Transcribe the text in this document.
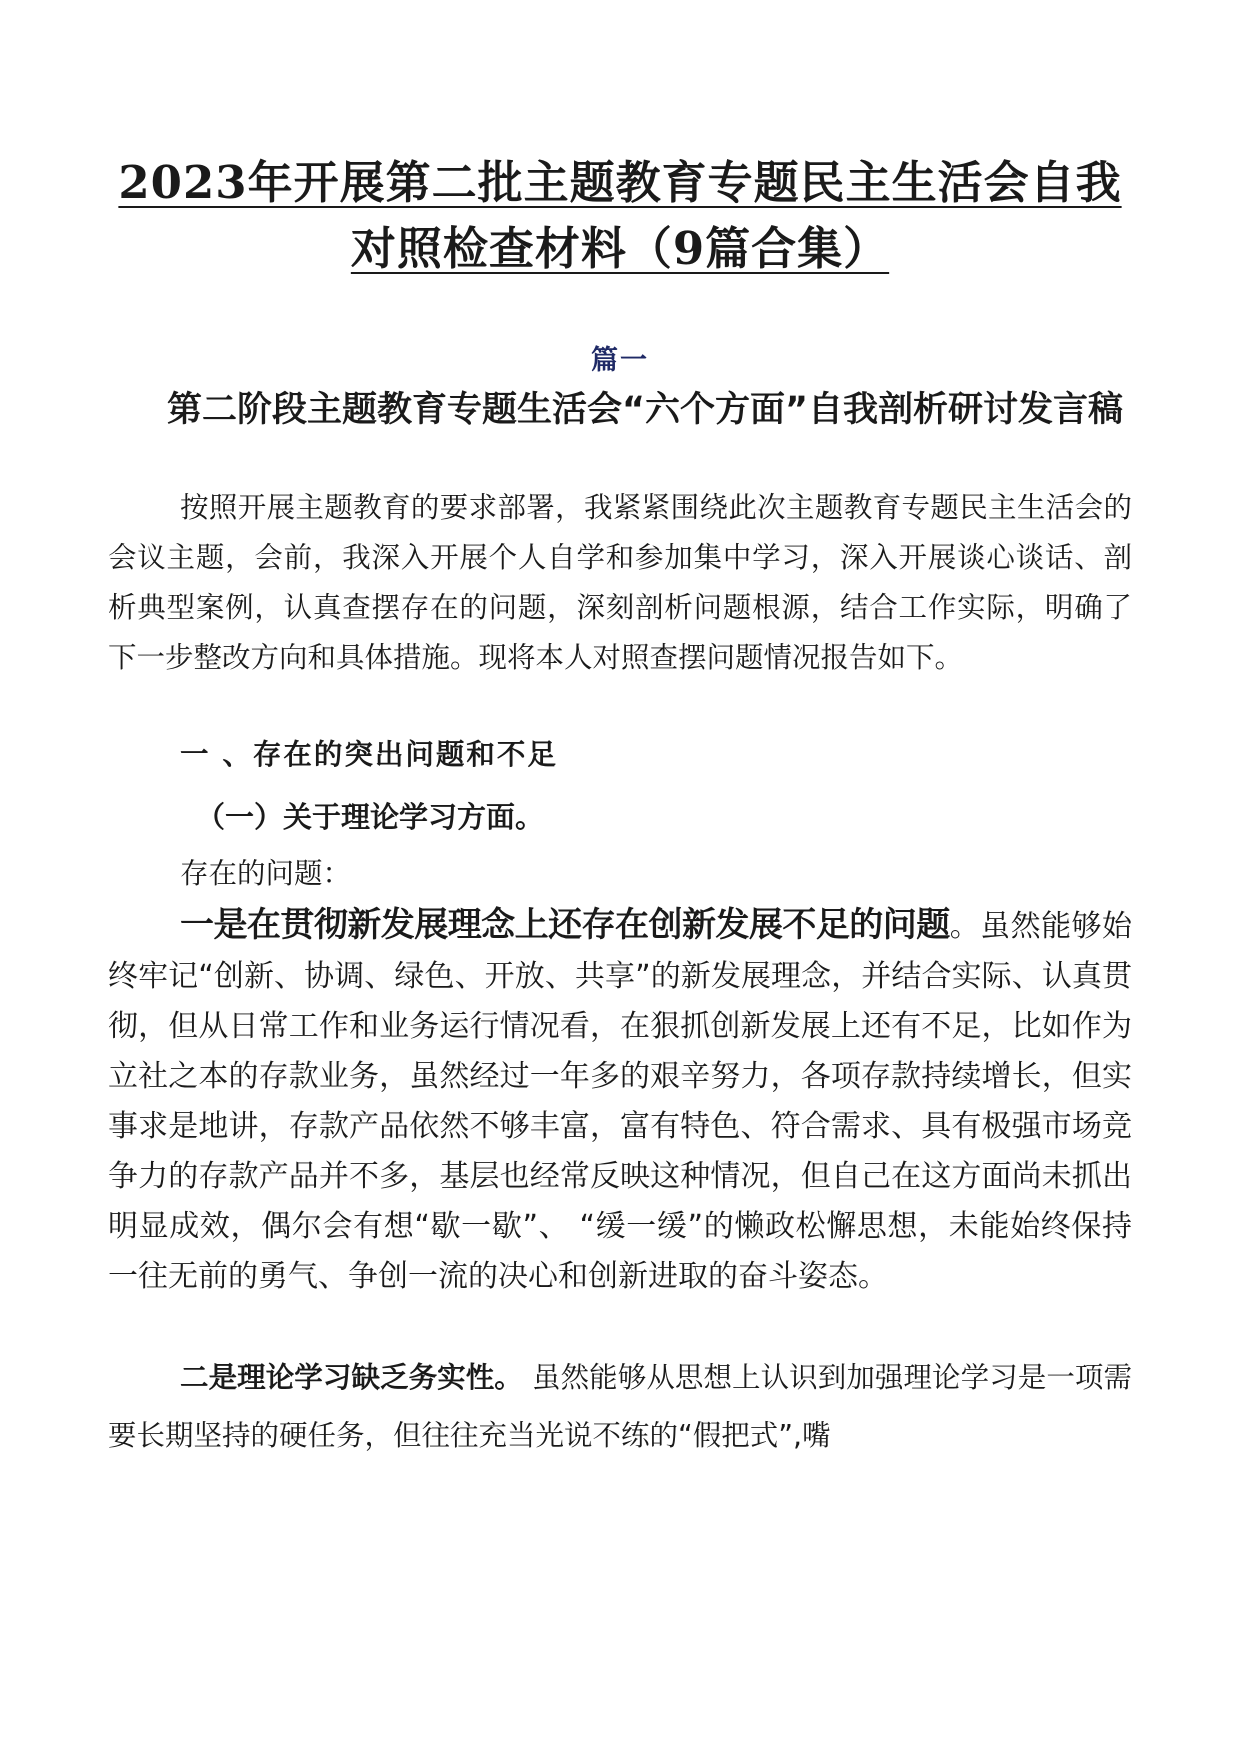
2023年开展第二批主题教育专题民主生活会自我对照检查材料（9篇合集）
篇一
第二阶段主题教育专题生活会“六个方面”自我剖析研讨发言稿

按照开展主题教育的要求部署，我紧紧围绕此次主题教育专题民主生活会的会议主题，会前，我深入开展个人自学和参加集中学习，深入开展谈心谈话、剖析典型案例，认真查摆存在的问题，深刻剖析问题根源，结合工作实际，明确了下一步整改方向和具体措施。现将本人对照查摆问题情况报告如下。

一 、存在的突出问题和不足
（一）关于理论学习方面。
存在的问题：

一是在贯彻新发展理念上还存在创新发展不足的问题。虽然能够始终牢记“创新、协调、绿色、开放、共享”的新发展理念，并结合实际、认真贯彻，但从日常工作和业务运行情况看，在狠抓创新发展上还有不足，比如作为立社之本的存款业务，虽然经过一年多的艰辛努力，各项存款持续增长，但实事求是地讲，存款产品依然不够丰富，富有特色、符合需求、具有极强市场竞争力的存款产品并不多，基层也经常反映这种情况，但自己在这方面尚未抓出明显成效，偶尔会有想“歇一歇”、 “缓一缓”的懒政松懈思想，未能始终保持一往无前的勇气、争创一流的决心和创新进取的奋斗姿态。

二是理论学习缺乏务实性。 虽然能够从思想上认识到加强理论学习是一项需要长期坚持的硬任务，但往往充当光说不练的“假把式”,嘴
